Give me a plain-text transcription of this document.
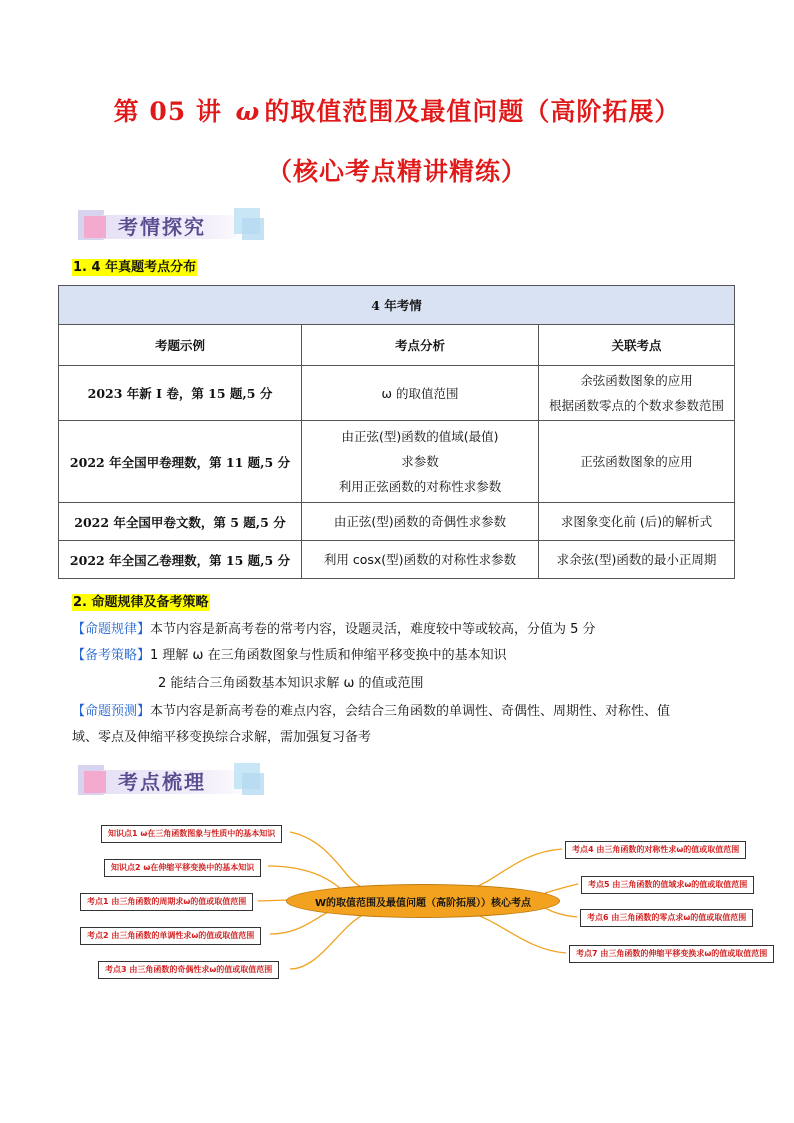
第 05 讲 ω 的取值范围及最值问题（高阶拓展）
（核心考点精讲精练）
考情探究
1. 4 年真题考点分布
4 年考情		
考题示例	考点分析	关联考点
2023 年新 I 卷，第 15 题,5 分	ω 的取值范围	余弦函数图象的应用
根据函数零点的个数求参数范围

2022 年全国甲卷理数，第 11 题,5 分	由正弦(型)函数的值域(最值)
求参数
利用正弦函数的对称性求参数	正弦函数图象的应用

2022 年全国甲卷文数，第 5 题,5 分	由正弦(型)函数的奇偶性求参数	求图象变化前 (后)的解析式

2022 年全国乙卷理数，第 15 题,5 分	利用 cosx(型)函数的对称性求参数	求余弦(型)函数的最小正周期
2. 命题规律及备考策略
【命题规律】本节内容是新高考卷的常考内容，设题灵活，难度较中等或较高，分值为 5 分
【备考策略】1 理解 ω 在三角函数图象与性质和伸缩平移变换中的基本知识
2 能结合三角函数基本知识求解 ω 的值或范围
【命题预测】本节内容是新高考卷的难点内容，会结合三角函数的单调性、奇偶性、周期性、对称性、值
域、零点及伸缩平移变换综合求解，需加强复习备考
考点梳理
知识点1 ω在三角函数图象与性质中的基本知识
知识点2 ω在伸缩平移变换中的基本知识
考点1 由三角函数的周期求ω的值或取值范围
考点2 由三角函数的单调性求ω的值或取值范围
考点3 由三角函数的奇偶性求ω的值或取值范围
W的取值范围及最值问题（高阶拓展））核心考点
考点4 由三角函数的对称性求ω的值或取值范围
考点5 由三角函数的值域求ω的值或取值范围
考点6 由三角函数的零点求ω的值或取值范围
考点7 由三角函数的伸缩平移变换求ω的值或取值范围
